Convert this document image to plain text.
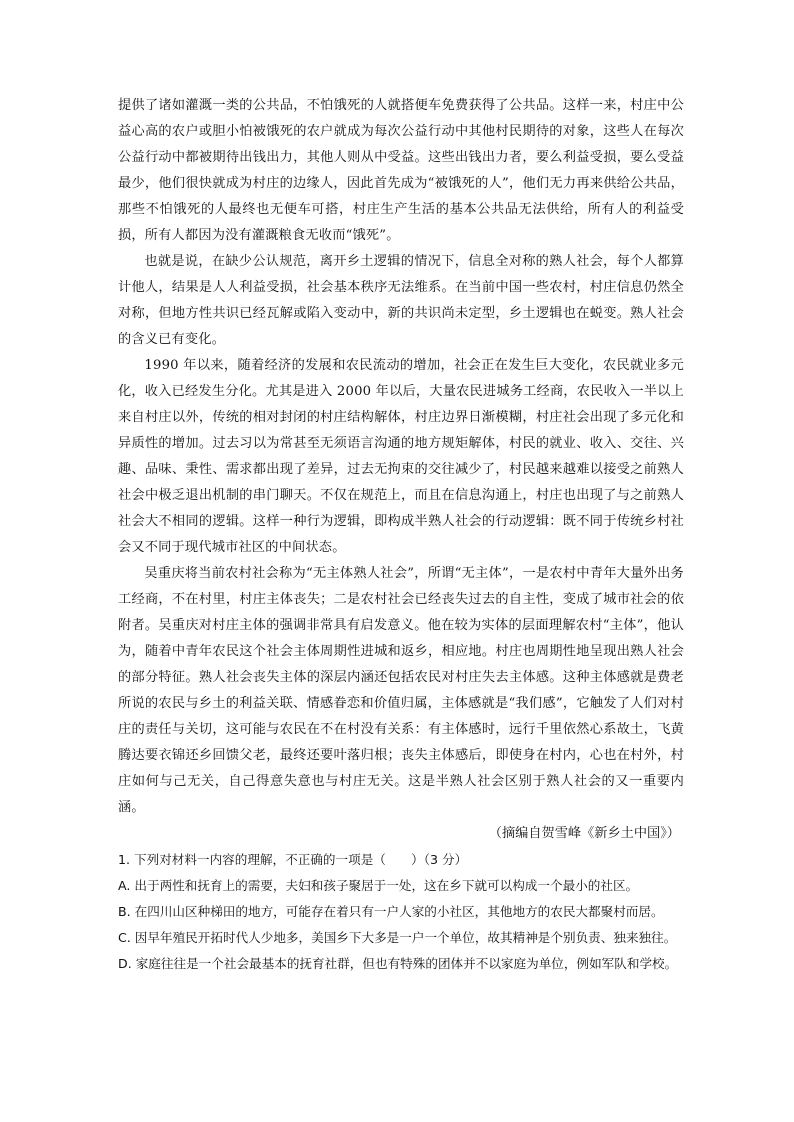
提供了诸如灌溉一类的公共品，不怕饿死的人就搭便车免费获得了公共品。这样一来，村庄中公益心高的农户或胆小怕被饿死的农户就成为每次公益行动中其他村民期待的对象，这些人在每次公益行动中都被期待出钱出力，其他人则从中受益。这些出钱出力者，要么利益受损，要么受益最少，他们很快就成为村庄的边缘人，因此首先成为“被饿死的人”，他们无力再来供给公共品，那些不怕饿死的人最终也无便车可搭，村庄生产生活的基本公共品无法供给，所有人的利益受损，所有人都因为没有灌溉粮食无收而“饿死”。

也就是说，在缺少公认规范，离开乡土逻辑的情况下，信息全对称的熟人社会，每个人都算计他人，结果是人人利益受损，社会基本秩序无法维系。在当前中国一些农村，村庄信息仍然全对称，但地方性共识已经瓦解或陷入变动中，新的共识尚未定型，乡土逻辑也在蜕变。熟人社会的含义已有变化。

1990 年以来，随着经济的发展和农民流动的增加，社会正在发生巨大变化，农民就业多元化，收入已经发生分化。尤其是进入 2000 年以后，大量农民进城务工经商，农民收入一半以上来自村庄以外，传统的相对封闭的村庄结构解体，村庄边界日渐模糊，村庄社会出现了多元化和异质性的增加。过去习以为常甚至无须语言沟通的地方规矩解体，村民的就业、收入、交往、兴趣、品味、秉性、需求都出现了差异，过去无拘束的交往减少了，村民越来越难以接受之前熟人社会中极乏退出机制的串门聊天。不仅在规范上，而且在信息沟通上，村庄也出现了与之前熟人社会大不相同的逻辑。这样一种行为逻辑，即构成半熟人社会的行动逻辑：既不同于传统乡村社会又不同于现代城市社区的中间状态。

吴重庆将当前农村社会称为“无主体熟人社会”，所谓“无主体”，一是农村中青年大量外出务工经商，不在村里，村庄主体丧失；二是农村社会已经丧失过去的自主性，变成了城市社会的依附者。吴重庆对村庄主体的强调非常具有启发意义。他在较为实体的层面理解农村“主体”，他认为，随着中青年农民这个社会主体周期性进城和返乡，相应地。村庄也周期性地呈现出熟人社会的部分特征。熟人社会丧失主体的深层内涵还包括农民对村庄失去主体感。这种主体感就是费老所说的农民与乡土的利益关联、情感眷恋和价值归属，主体感就是“我们感”，它触发了人们对村庄的责任与关切，这可能与农民在不在村没有关系：有主体感时，远行千里依然心系故土，飞黄腾达要衣锦还乡回馈父老，最终还要叶落归根；丧失主体感后，即使身在村内，心也在村外，村庄如何与己无关，自己得意失意也与村庄无关。这是半熟人社会区别于熟人社会的又一重要内涵。

（摘编自贺雪峰《新乡土中国》）

1. 下列对材料一内容的理解，不正确的一项是（　　）（3 分）

A. 出于两性和抚育上的需要，夫妇和孩子聚居于一处，这在乡下就可以构成一个最小的社区。

B. 在四川山区种梯田的地方，可能存在着只有一户人家的小社区，其他地方的农民大都聚村而居。

C. 因早年殖民开拓时代人少地多，美国乡下大多是一户一个单位，故其精神是个别负责、独来独往。

D. 家庭往往是一个社会最基本的抚育社群，但也有特殊的团体并不以家庭为单位，例如军队和学校。
